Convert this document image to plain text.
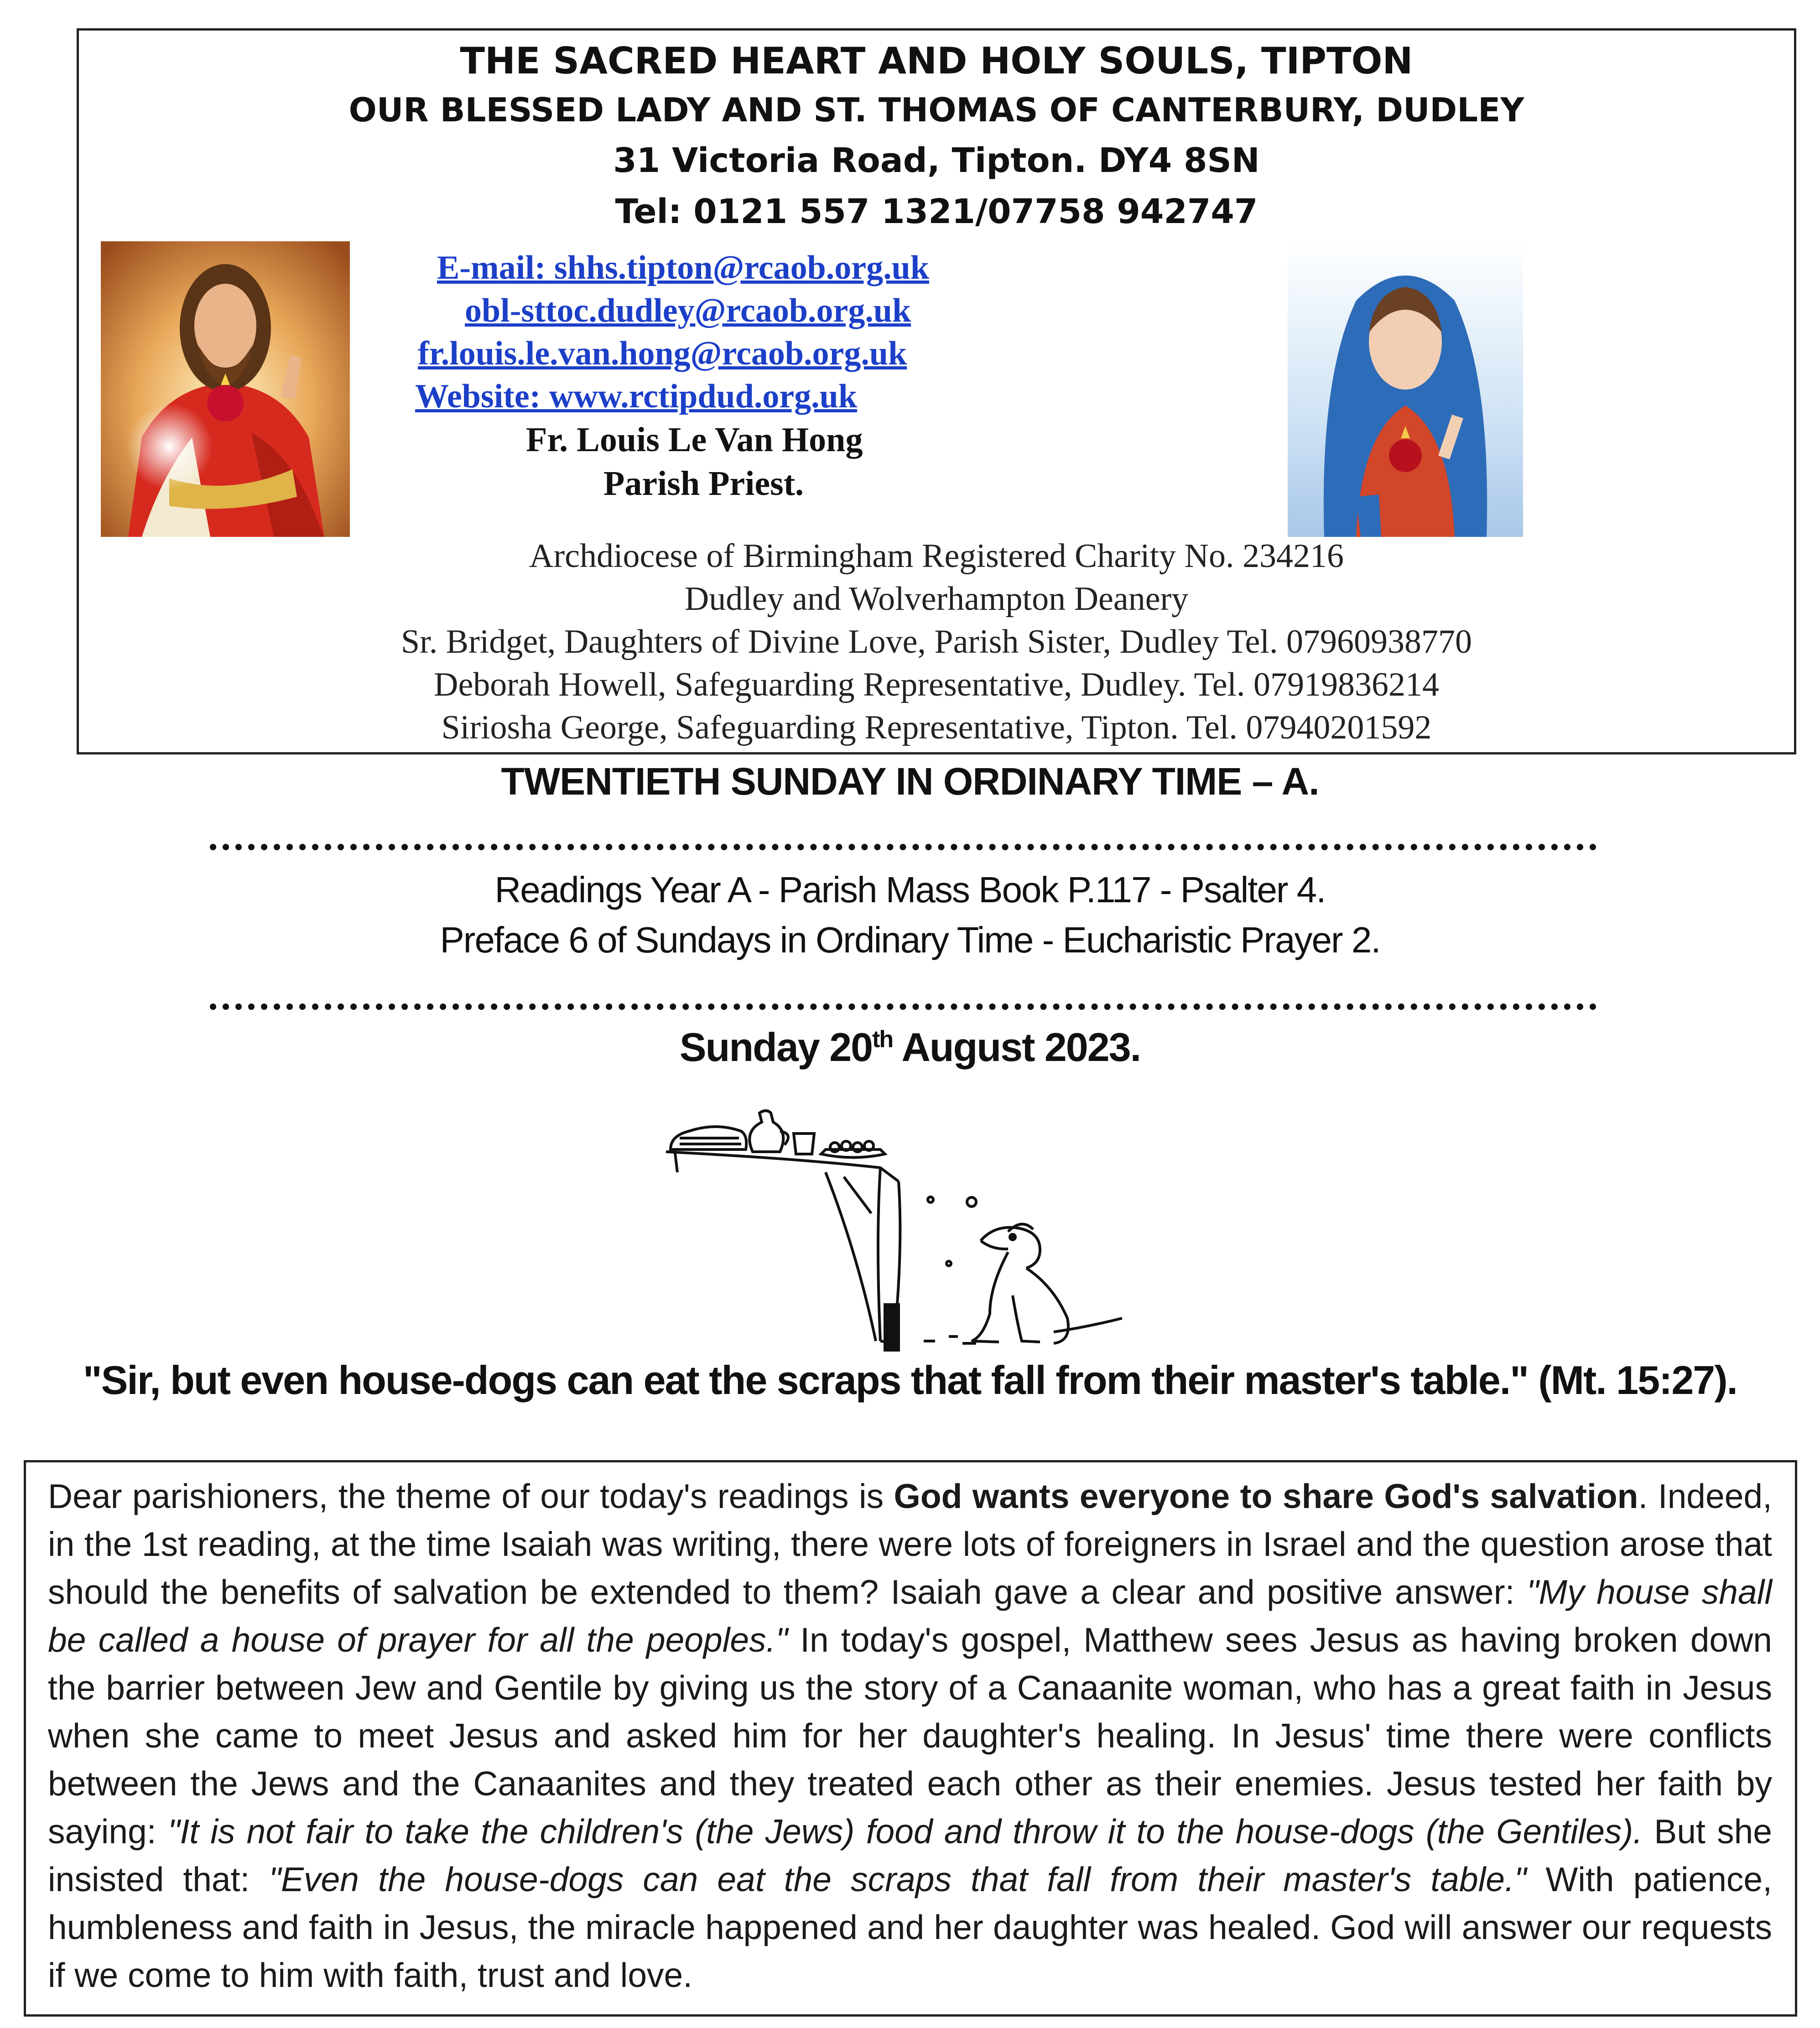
THE SACRED HEART AND HOLY SOULS, TIPTON
OUR BLESSED LADY AND ST. THOMAS OF CANTERBURY, DUDLEY
31 Victoria Road, Tipton. DY4 8SN
Tel: 0121 557 1321/07758 942747
E-mail: shhs.tipton@rcaob.org.uk
obl-sttoc.dudley@rcaob.org.uk
fr.louis.le.van.hong@rcaob.org.uk
Website: www.rctipdud.org.uk
Fr. Louis Le Van Hong
Parish Priest.
Archdiocese of Birmingham Registered Charity No. 234216
Dudley and Wolverhampton Deanery
Sr. Bridget, Daughters of Divine Love, Parish Sister, Dudley Tel. 07960938770
Deborah Howell, Safeguarding Representative, Dudley. Tel. 07919836214
Siriosha George, Safeguarding Representative, Tipton. Tel. 07940201592
TWENTIETH SUNDAY IN ORDINARY TIME – A.
Readings Year A - Parish Mass Book P.117 - Psalter 4.
Preface 6 of Sundays in Ordinary Time - Eucharistic Prayer 2.
Sunday 20th August 2023.
"Sir, but even house-dogs can eat the scraps that fall from their master's table." (Mt. 15:27).
Dear parishioners, the theme of our today's readings is God wants everyone to share God's salvation. Indeed, in the 1st reading, at the time Isaiah was writing, there were lots of foreigners in Israel and the question arose that should the benefits of salvation be extended to them? Isaiah gave a clear and positive answer: "My house shall be called a house of prayer for all the peoples." In today's gospel, Matthew sees Jesus as having broken down the barrier between Jew and Gentile by giving us the story of a Canaanite woman, who has a great faith in Jesus when she came to meet Jesus and asked him for her daughter's healing. In Jesus' time there were conflicts between the Jews and the Canaanites and they treated each other as their enemies. Jesus tested her faith by saying: "It is not fair to take the children's (the Jews) food and throw it to the house-dogs (the Gentiles). But she insisted that: "Even the house-dogs can eat the scraps that fall from their master's table." With patience, humbleness and faith in Jesus, the miracle happened and her daughter was healed. God will answer our requests if we come to him with faith, trust and love.
